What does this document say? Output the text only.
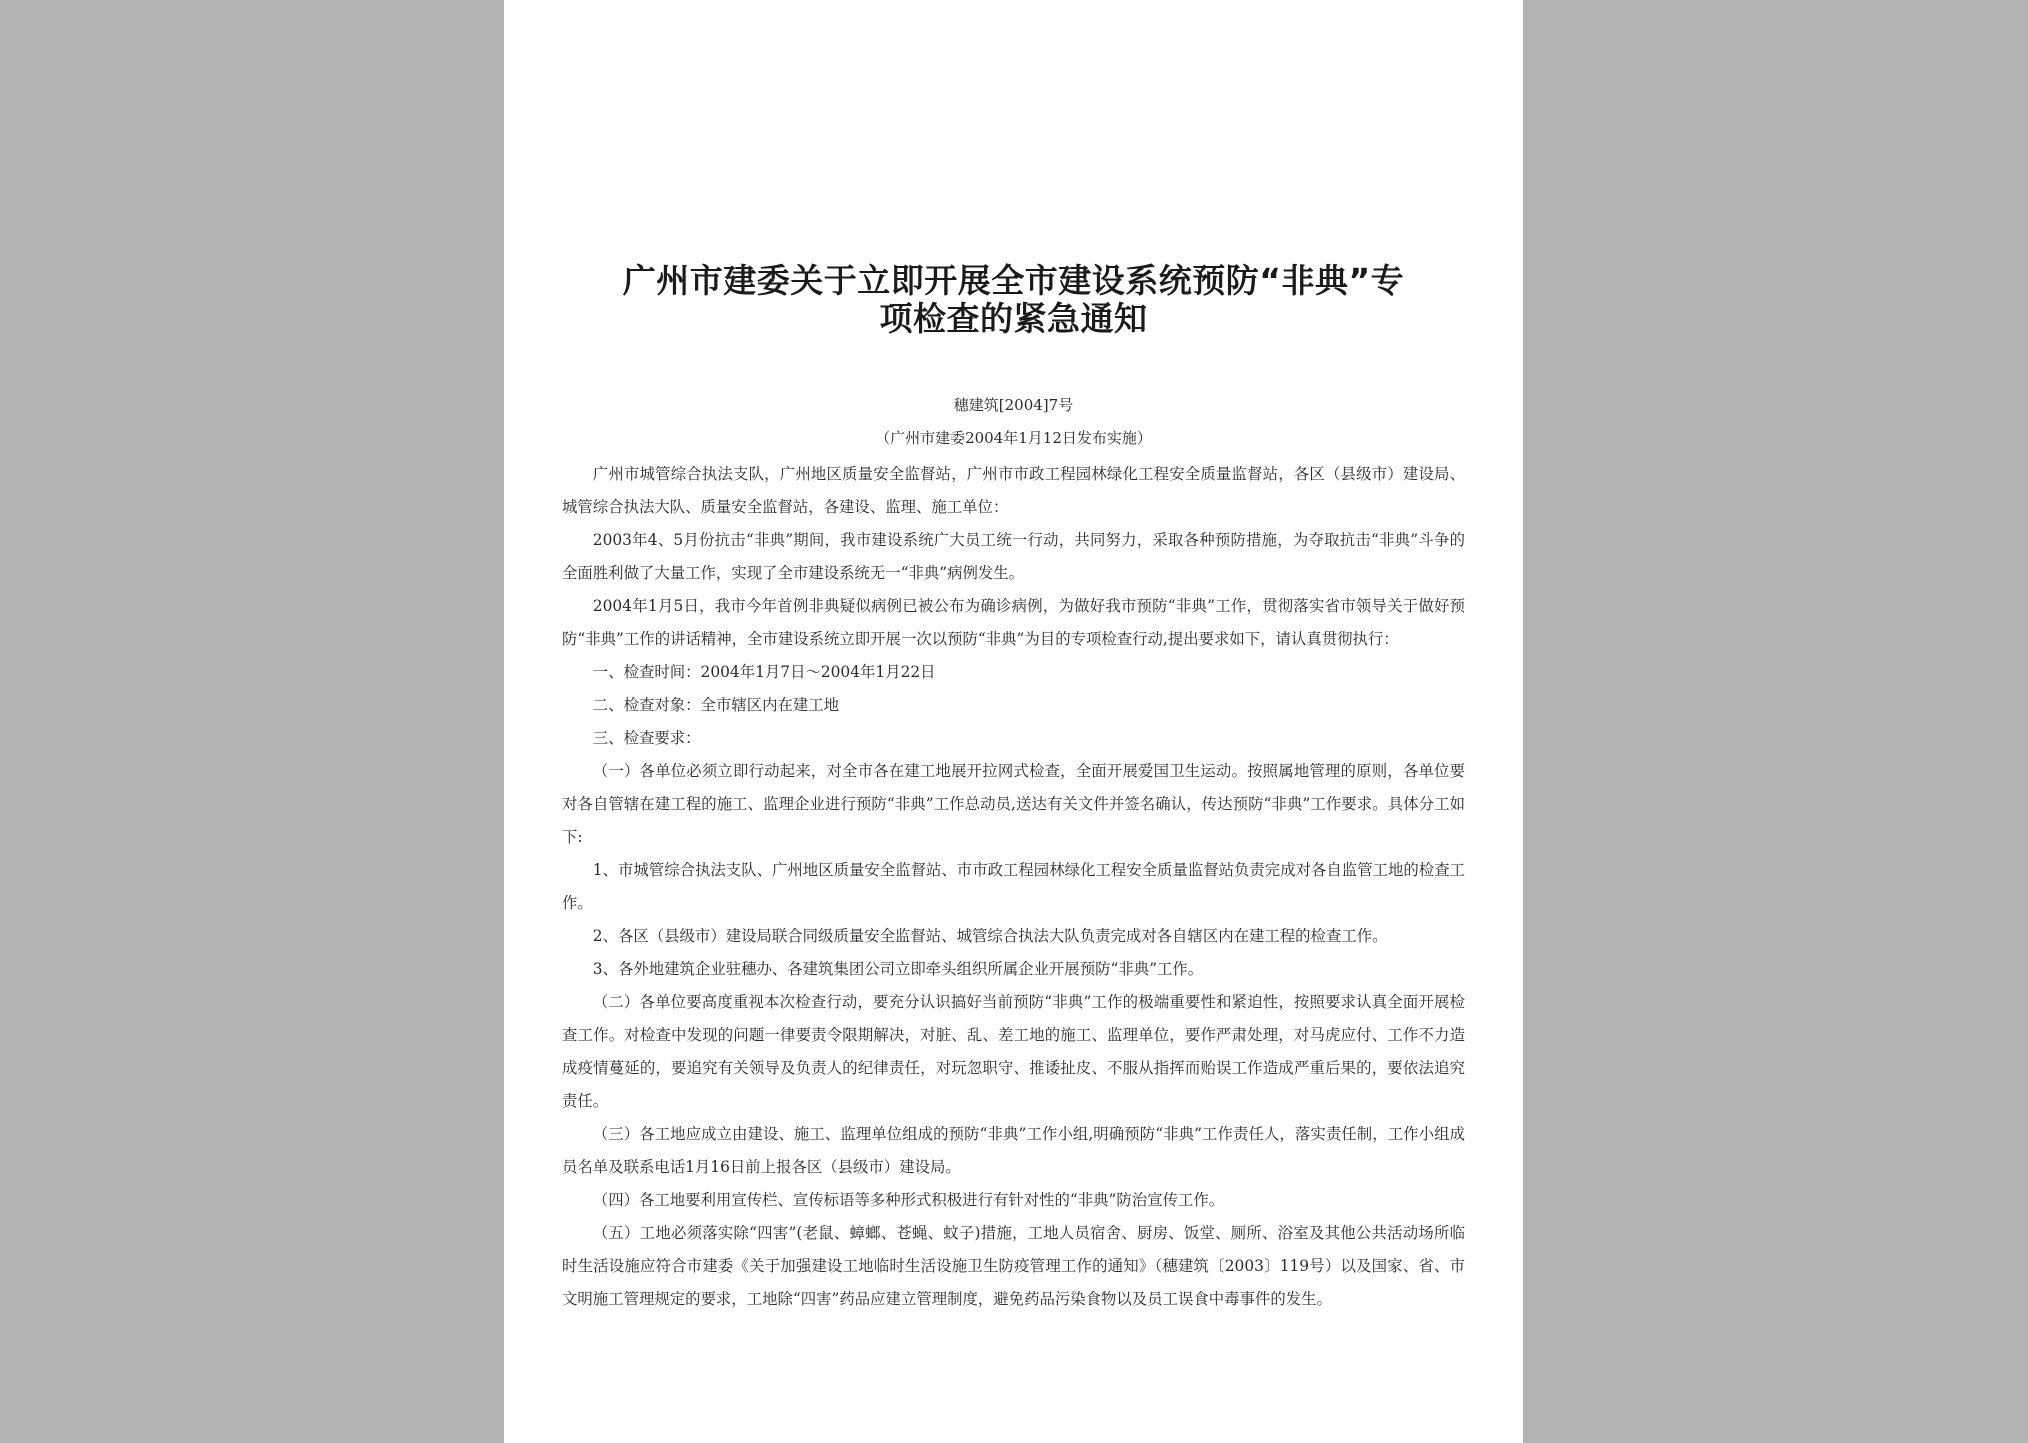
广州市建委关于立即开展全市建设系统预防“非典”专
项检查的紧急通知
穗建筑[2004]7号
（广州市建委2004年1月12日发布实施）

广州市城管综合执法支队，广州地区质量安全监督站，广州市市政工程园林绿化工程安全质量监督站，各区（县级市）建设局、城管综合执法大队、质量安全监督站，各建设、监理、施工单位：

2003年4、5月份抗击“非典”期间，我市建设系统广大员工统一行动，共同努力，采取各种预防措施，为夺取抗击“非典”斗争的全面胜利做了大量工作，实现了全市建设系统无一“非典”病例发生。

2004年1月5日，我市今年首例非典疑似病例已被公布为确诊病例，为做好我市预防“非典”工作，贯彻落实省市领导关于做好预防“非典”工作的讲话精神，全市建设系统立即开展一次以预防“非典”为目的专项检查行动,提出要求如下，请认真贯彻执行：

一、检查时间：2004年1月7日～2004年1月22日

二、检查对象：全市辖区内在建工地

三、检查要求：

（一）各单位必须立即行动起来，对全市各在建工地展开拉网式检查，全面开展爱国卫生运动。按照属地管理的原则，各单位要对各自管辖在建工程的施工、监理企业进行预防“非典”工作总动员,送达有关文件并签名确认，传达预防“非典”工作要求。具体分工如下:

1、市城管综合执法支队、广州地区质量安全监督站、市市政工程园林绿化工程安全质量监督站负责完成对各自监管工地的检查工作。

2、各区（县级市）建设局联合同级质量安全监督站、城管综合执法大队负责完成对各自辖区内在建工程的检查工作。

3、各外地建筑企业驻穗办、各建筑集团公司立即牵头组织所属企业开展预防“非典”工作。

（二）各单位要高度重视本次检查行动，要充分认识搞好当前预防“非典”工作的极端重要性和紧迫性，按照要求认真全面开展检查工作。对检查中发现的问题一律要责令限期解决，对脏、乱、差工地的施工、监理单位，要作严肃处理，对马虎应付、工作不力造成疫情蔓延的，要追究有关领导及负责人的纪律责任，对玩忽职守、推诿扯皮、不服从指挥而贻误工作造成严重后果的，要依法追究责任。

（三）各工地应成立由建设、施工、监理单位组成的预防“非典”工作小组,明确预防“非典”工作责任人，落实责任制，工作小组成员名单及联系电话1月16日前上报各区（县级市）建设局。

（四）各工地要利用宣传栏、宣传标语等多种形式积极进行有针对性的“非典”防治宣传工作。

（五）工地必须落实除“四害”(老鼠、蟑螂、苍蝇、蚊子)措施，工地人员宿舍、厨房、饭堂、厕所、浴室及其他公共活动场所临时生活设施应符合市建委《关于加强建设工地临时生活设施卫生防疫管理工作的通知》（穗建筑〔2003〕119号）以及国家、省、市文明施工管理规定的要求，工地除“四害”药品应建立管理制度，避免药品污染食物以及员工误食中毒事件的发生。
